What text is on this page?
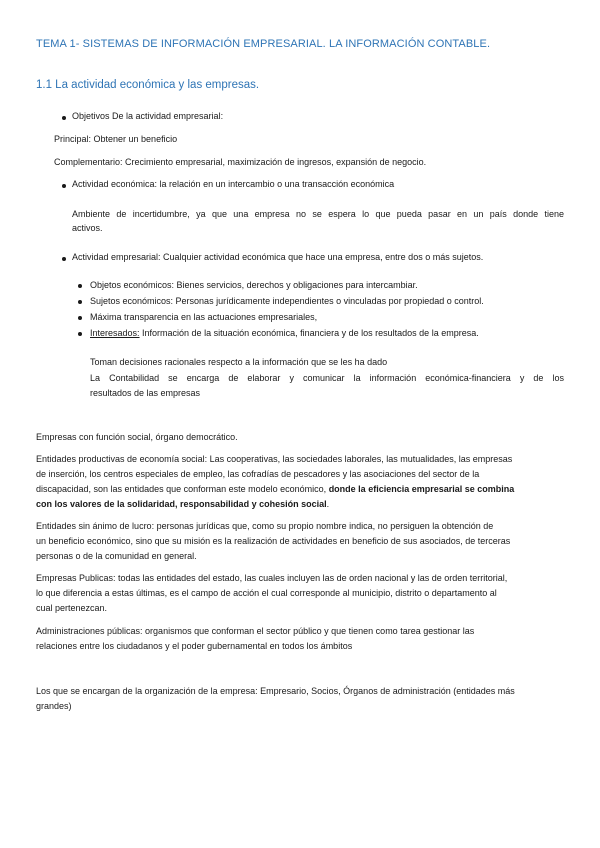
TEMA 1- SISTEMAS DE INFORMACIÓN EMPRESARIAL. LA INFORMACIÓN CONTABLE.

1.1 La actividad económica y las empresas.

Objetivos De la actividad empresarial:

Principal: Obtener un beneficio

Complementario: Crecimiento empresarial, maximización de ingresos, expansión de negocio.

Actividad económica: la relación en un intercambio o una transacción económica

Ambiente de incertidumbre, ya que una empresa no se espera lo que pueda pasar en un país donde tiene

activos.

Actividad empresarial: Cualquier actividad económica que hace una empresa, entre dos o más sujetos.

Objetos económicos: Bienes servicios, derechos y obligaciones para intercambiar.

Sujetos económicos: Personas jurídicamente independientes o vinculadas por propiedad o control.

Máxima transparencia en las actuaciones empresariales,

Interesados: Información de la situación económica, financiera y de los resultados de la empresa.

Toman decisiones racionales respecto a la información que se les ha dado

La Contabilidad se encarga de elaborar y comunicar la información económica-financiera y de los

resultados de las empresas

Empresas con función social, órgano democrático.

Entidades productivas de economía social: Las cooperativas, las sociedades laborales, las mutualidades, las empresas

de inserción, los centros especiales de empleo, las cofradías de pescadores y las asociaciones del sector de la

discapacidad, son las entidades que conforman este modelo económico, donde la eficiencia empresarial se combina

con los valores de la solidaridad, responsabilidad y cohesión social.

Entidades sin ánimo de lucro: personas jurídicas que, como su propio nombre indica, no persiguen la obtención de

un beneficio económico, sino que su misión es la realización de actividades en beneficio de sus asociados, de terceras

personas o de la comunidad en general.

Empresas Publicas: todas las entidades del estado, las cuales incluyen las de orden nacional y las de orden territorial,

lo que diferencia a estas últimas, es el campo de acción el cual corresponde al municipio, distrito o departamento al

cual pertenezcan.

Administraciones públicas: organismos que conforman el sector público y que tienen como tarea gestionar las

relaciones entre los ciudadanos y el poder gubernamental en todos los ámbitos

Los que se encargan de la organización de la empresa: Empresario, Socios, Órganos de administración (entidades más

grandes)
